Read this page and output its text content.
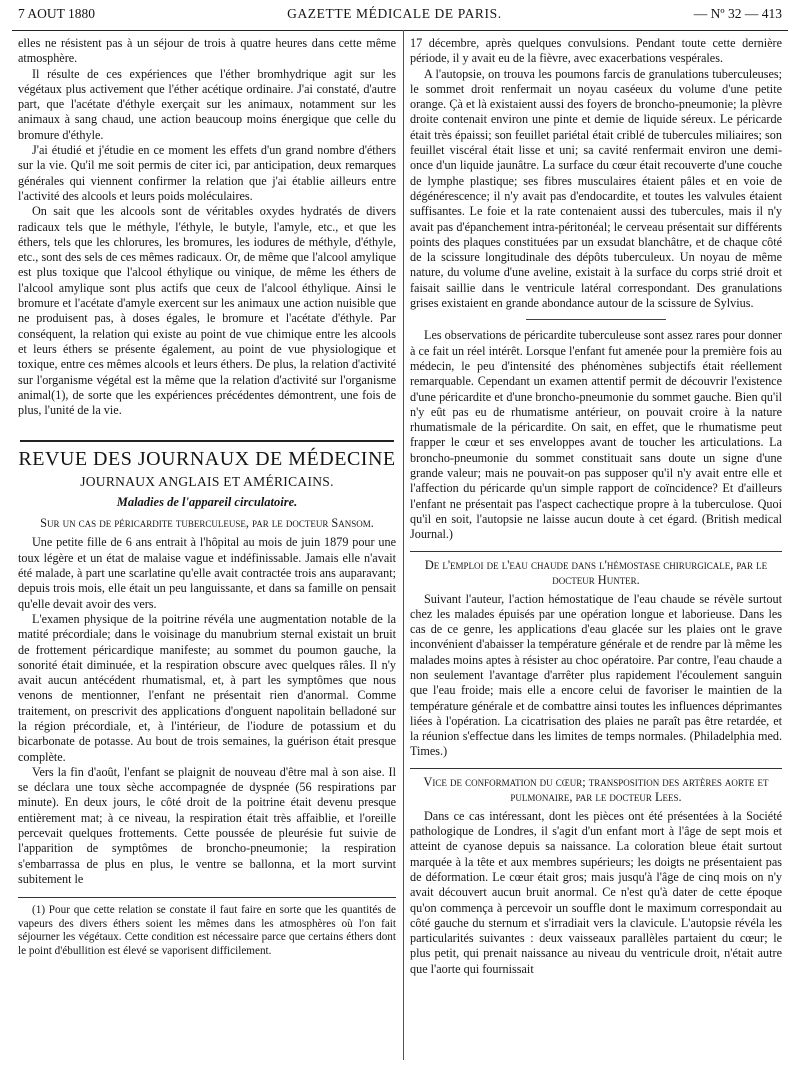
7 AOUT 1880	GAZETTE MÉDICALE DE PARIS.	— Nº 32 — 413

elles ne résistent pas à un séjour de trois à quatre heures dans cette même atmosphère.

Il résulte de ces expériences que l'éther bromhydrique agit sur les végétaux plus activement que l'éther acétique ordinaire. J'ai constaté, d'autre part, que l'acétate d'éthyle exerçait sur les animaux, notamment sur les animaux à sang chaud, une action beaucoup moins énergique que celle du bromure d'éthyle.

J'ai étudié et j'étudie en ce moment les effets d'un grand nombre d'éthers sur la vie. Qu'il me soit permis de citer ici, par anticipation, deux remarques générales qui viennent confirmer la relation que j'ai établie ailleurs entre l'activité des alcools et leurs poids moléculaires.

On sait que les alcools sont de véritables oxydes hydratés de divers radicaux tels que le méthyle, l'éthyle, le butyle, l'amyle, etc., et que les éthers, tels que les chlorures, les bromures, les iodures de méthyle, d'éthyle, etc., sont des sels de ces mêmes radicaux. Or, de même que l'alcool amylique est plus toxique que l'alcool éthylique ou vinique, de même les éthers de l'alcool amylique sont plus actifs que ceux de l'alcool éthylique. Ainsi le bromure et l'acétate d'amyle exercent sur les animaux une action nuisible que ne produisent pas, à doses égales, le bromure et l'acétate d'éthyle. Par conséquent, la relation qui existe au point de vue chimique entre les alcools et leurs éthers se présente également, au point de vue physiologique et toxique, entre ces mêmes alcools et leurs éthers. De plus, la relation d'activité sur l'organisme végétal est la même que la relation d'activité sur l'organisme animal(1), de sorte que les expériences précédentes démontrent, une fois de plus, l'unité de la vie.

REVUE DES JOURNAUX DE MÉDECINE
JOURNAUX ANGLAIS ET AMÉRICAINS.
Maladies de l'appareil circulatoire.
Sur un cas de péricardite tuberculeuse, par le docteur Sansom.

Une petite fille de 6 ans entrait à l'hôpital au mois de juin 1879 pour une toux légère et un état de malaise vague et indéfinissable. Jamais elle n'avait été malade, à part une scarlatine qu'elle avait contractée trois ans auparavant; depuis trois mois, elle était un peu languissante, et dans sa famille on pensait qu'elle devait avoir des vers.

L'examen physique de la poitrine révéla une augmentation notable de la matité précordiale; dans le voisinage du manubrium sternal existait un bruit de frottement péricardique manifeste; au sommet du poumon gauche, la sonorité était diminuée, et la respiration obscure avec quelques râles. Il n'y avait aucun antécédent rhumatismal, et, à part les symptômes que nous venons de mentionner, l'enfant ne présentait rien d'anormal. Comme traitement, on prescrivit des applications d'onguent napolitain belladoné sur la région précordiale, et, à l'intérieur, de l'iodure de potassium et du bicarbonate de potasse. Au bout de trois semaines, la guérison était presque complète.

Vers la fin d'août, l'enfant se plaignit de nouveau d'être mal à son aise. Il se déclara une toux sèche accompagnée de dyspnée (56 respirations par minute). En deux jours, le côté droit de la poitrine était devenu presque entièrement mat; à ce niveau, la respiration était très affaiblie, et l'oreille percevait quelques frottements. Cette poussée de pleurésie fut suivie de l'apparition de symptômes de broncho-pneumonie; la respiration s'embarrassa de plus en plus, le ventre se ballonna, et la mort survint subitement le

(1) Pour que cette relation se constate il faut faire en sorte que les quantités de vapeurs des divers éthers soient les mêmes dans les atmosphères où l'on fait séjourner les végétaux. Cette condition est nécessaire parce que certains éthers dont le point d'ébullition est élevé se vaporisent difficilement.

17 décembre, après quelques convulsions. Pendant toute cette dernière période, il y avait eu de la fièvre, avec exacerbations vespérales.

A l'autopsie, on trouva les poumons farcis de granulations tuberculeuses; le sommet droit renfermait un noyau caséeux du volume d'une petite orange. Çà et là existaient aussi des foyers de broncho-pneumonie; la plèvre droite contenait environ une pinte et demie de liquide séreux. Le péricarde était très épaissi; son feuillet pariétal était criblé de tubercules miliaires; son feuillet viscéral était lisse et uni; sa cavité renfermait environ une demi-once d'un liquide jaunâtre. La surface du cœur était recouverte d'une couche de lymphe plastique; ses fibres musculaires étaient pâles et en voie de dégénérescence; il n'y avait pas d'endocardite, et toutes les valvules étaient suffisantes. Le foie et la rate contenaient aussi des tubercules, mais il n'y avait pas d'épanchement intra-péritonéal; le cerveau présentait sur différents points des plaques constituées par un exsudat blanchâtre, et de chaque côté de la scissure longitudinale des dépôts tuberculeux. Un noyau de même nature, du volume d'une aveline, existait à la surface du corps strié droit et faisait saillie dans le ventricule latéral correspondant. Des granulations grises existaient en grande abondance autour de la scissure de Sylvius.

Les observations de péricardite tuberculeuse sont assez rares pour donner à ce fait un réel intérêt. Lorsque l'enfant fut amenée pour la première fois au médecin, le peu d'intensité des phénomènes subjectifs était réellement remarquable. Cependant un examen attentif permit de découvrir l'existence d'une péricardite et d'une broncho-pneumonie du sommet gauche. Bien qu'il n'y eût pas eu de rhumatisme antérieur, on pouvait croire à la nature rhumatismale de la péricardite. On sait, en effet, que le rhumatisme peut frapper le cœur et ses enveloppes avant de toucher les articulations. La broncho-pneumonie du sommet constituait sans doute un signe d'une grande valeur; mais ne pouvait-on pas supposer qu'il n'y avait entre elle et l'affection du péricarde qu'un simple rapport de coïncidence? Et d'ailleurs l'enfant ne présentait pas l'aspect cachectique propre à la tuberculose. Quoi qu'il en soit, l'autopsie ne laisse aucun doute à cet égard. (British medical Journal.)

De l'emploi de l'eau chaude dans l'hémostase chirurgicale, par le docteur Hunter.

Suivant l'auteur, l'action hémostatique de l'eau chaude se révèle surtout chez les malades épuisés par une opération longue et laborieuse. Dans les cas de ce genre, les applications d'eau glacée sur les plaies ont le grave inconvénient d'abaisser la température générale et de rendre par là même les malades moins aptes à résister au choc opératoire. Par contre, l'eau chaude a non seulement l'avantage d'arrêter plus rapidement l'écoulement sanguin que l'eau froide; mais elle a encore celui de favoriser le maintien de la température générale et de combattre ainsi toutes les influences déprimantes liées à l'opération. La cicatrisation des plaies ne paraît pas être retardée, et la réunion s'effectue dans les limites de temps normales. (Philadelphia med. Times.)

Vice de conformation du cœur; transposition des artères aorte et pulmonaire, par le docteur Lees.

Dans ce cas intéressant, dont les pièces ont été présentées à la Société pathologique de Londres, il s'agit d'un enfant mort à l'âge de sept mois et atteint de cyanose depuis sa naissance. La coloration bleue était surtout marquée à la tête et aux membres supérieurs; les doigts ne présentaient pas de déformation. Le cœur était gros; mais jusqu'à l'âge de cinq mois on n'y avait découvert aucun bruit anormal. Ce n'est qu'à dater de cette époque qu'on commença à percevoir un souffle dont le maximum correspondait au côté gauche du sternum et s'irradiait vers la clavicule. L'autopsie révéla les particularités suivantes : deux vaisseaux parallèles partaient du cœur; le plus petit, qui prenait naissance au niveau du ventricule droit, n'était autre que l'aorte qui fournissait
